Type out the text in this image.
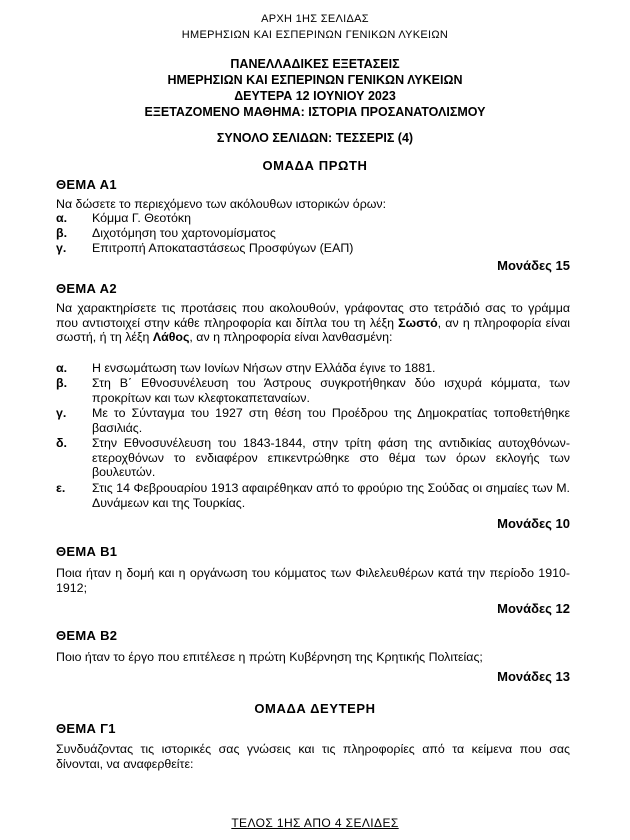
ΑΡΧΗ 1ΗΣ ΣΕΛΙΔΑΣ
ΗΜΕΡΗΣΙΩΝ ΚΑΙ ΕΣΠΕΡΙΝΩΝ ΓΕΝΙΚΩΝ ΛΥΚΕΙΩΝ
ΠΑΝΕΛΛΑΔΙΚΕΣ ΕΞΕΤΑΣΕΙΣ
ΗΜΕΡΗΣΙΩΝ ΚΑΙ ΕΣΠΕΡΙΝΩΝ ΓΕΝΙΚΩΝ ΛΥΚΕΙΩΝ
ΔΕΥΤΕΡΑ 12 ΙΟΥΝΙΟΥ 2023
ΕΞΕΤΑΖΟΜΕΝΟ ΜΑΘΗΜΑ: ΙΣΤΟΡΙΑ ΠΡΟΣΑΝΑΤΟΛΙΣΜΟΥ
ΣΥΝΟΛΟ ΣΕΛΙΔΩΝ: ΤΕΣΣΕΡΙΣ (4)
ΟΜΑΔΑ ΠΡΩΤΗ
ΘΕΜΑ Α1
Να δώσετε το περιεχόμενο των ακόλουθων ιστορικών όρων:
α. Κόμμα Γ. Θεοτόκη
β. Διχοτόμηση του χαρτονομίσματος
γ. Επιτροπή Αποκαταστάσεως Προσφύγων (ΕΑΠ)
Μονάδες 15
ΘΕΜΑ Α2
Να χαρακτηρίσετε τις προτάσεις που ακολουθούν, γράφοντας στο τετράδιό σας το γράμμα που αντιστοιχεί στην κάθε πληροφορία και δίπλα του τη λέξη Σωστό, αν η πληροφορία είναι σωστή, ή τη λέξη Λάθος, αν η πληροφορία είναι λανθασμένη:
α. Η ενσωμάτωση των Ιονίων Νήσων στην Ελλάδα έγινε το 1881.
β. Στη Β΄ Εθνοσυνέλευση του Άστρους συγκροτήθηκαν δύο ισχυρά κόμματα, των προκρίτων και των κλεφτοκαπεταναίων.
γ. Με το Σύνταγμα του 1927 στη θέση του Προέδρου της Δημοκρατίας τοποθετήθηκε βασιλιάς.
δ. Στην Εθνοσυνέλευση του 1843-1844, στην τρίτη φάση της αντιδικίας αυτοχθόνων-ετεροχθόνων το ενδιαφέρον επικεντρώθηκε στο θέμα των όρων εκλογής των βουλευτών.
ε. Στις 14 Φεβρουαρίου 1913 αφαιρέθηκαν από το φρούριο της Σούδας οι σημαίες των Μ. Δυνάμεων και της Τουρκίας.
Μονάδες 10
ΘΕΜΑ Β1
Ποια ήταν η δομή και η οργάνωση του κόμματος των Φιλελευθέρων κατά την περίοδο 1910-1912;
Μονάδες 12
ΘΕΜΑ Β2
Ποιο ήταν το έργο που επιτέλεσε η πρώτη Κυβέρνηση της Κρητικής Πολιτείας;
Μονάδες 13
ΟΜΑΔΑ ΔΕΥΤΕΡΗ
ΘΕΜΑ Γ1
Συνδυάζοντας τις ιστορικές σας γνώσεις και τις πληροφορίες από τα κείμενα που σας δίνονται, να αναφερθείτε:
ΤΕΛΟΣ 1ΗΣ ΑΠΟ 4 ΣΕΛΙΔΕΣ
